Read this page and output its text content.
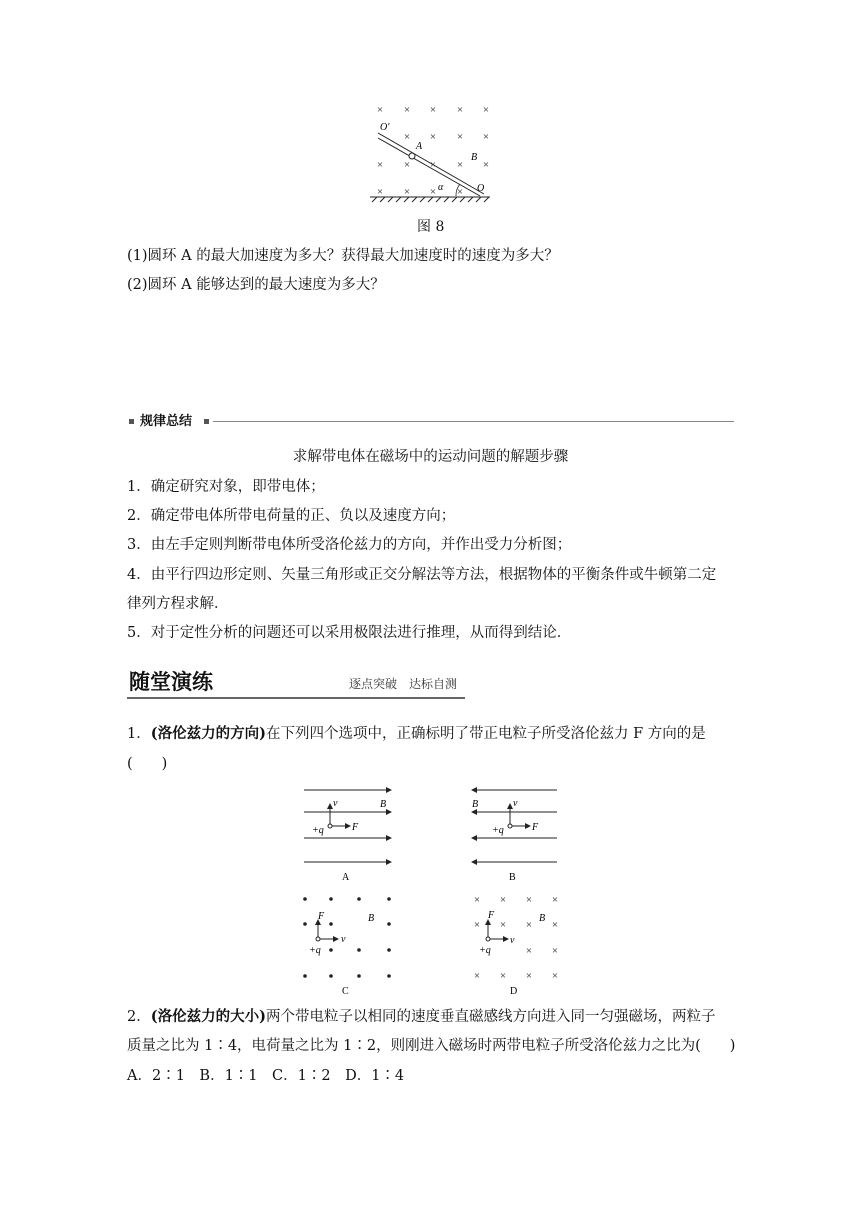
× × × × ×
× × × ×
× × × × ×
× × × ×
O′
A
B
α	O
图 8
(1)圆环 A 的最大加速度为多大？获得最大加速度时的速度为多大？
(2)圆环 A 能够达到的最大速度为多大？
规律总结
求解带电体在磁场中的运动问题的解题步骤
1．确定研究对象，即带电体；
2．确定带电体所带电荷量的正、负以及速度方向；
3．由左手定则判断带电体所受洛伦兹力的方向，并作出受力分析图；
4．由平行四边形定则、矢量三角形或正交分解法等方法，根据物体的平衡条件或牛顿第二定
律列方程求解．
5．对于定性分析的问题还可以采用极限法进行推理，从而得到结论．
随堂演练	逐点突破　达标自测
1．(洛伦兹力的方向)在下列四个选项中，正确标明了带正电粒子所受洛伦兹力 F 方向的是
(　　)
v	B
+q	F
A
B	v
+q	F
B
F	B
v
+q
C
× × × ×
× × × ×
× ×
× × × ×
F	B
v
+q
D
2．(洛伦兹力的大小)两个带电粒子以相同的速度垂直磁感线方向进入同一匀强磁场，两粒子
质量之比为 1∶4，电荷量之比为 1∶2，则刚进入磁场时两带电粒子所受洛伦兹力之比为(　　)
A．2∶1　B．1∶1　C．1∶2　D．1∶4
